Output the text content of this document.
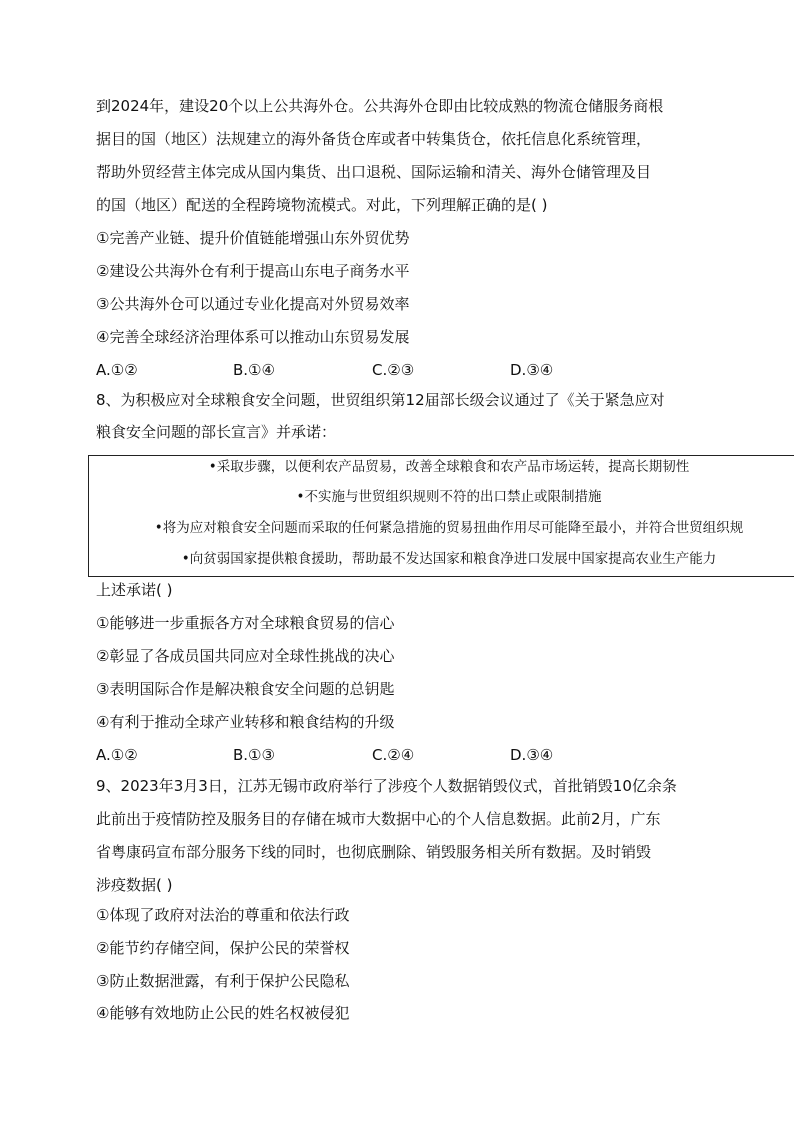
到2024年，建设20个以上公共海外仓。公共海外仓即由比较成熟的物流仓储服务商根
据目的国（地区）法规建立的海外备货仓库或者中转集货仓，依托信息化系统管理，
帮助外贸经营主体完成从国内集货、出口退税、国际运输和清关、海外仓储管理及目
的国（地区）配送的全程跨境物流模式。对此，下列理解正确的是( )
①完善产业链、提升价值链能增强山东外贸优势
②建设公共海外仓有利于提高山东电子商务水平
③公共海外仓可以通过专业化提高对外贸易效率
④完善全球经济治理体系可以推动山东贸易发展
A.①②	B.①④	C.②③	D.③④
8、为积极应对全球粮食安全问题，世贸组织第12届部长级会议通过了《关于紧急应对
粮食安全问题的部长宣言》并承诺：
•采取步骤，以便利农产品贸易，改善全球粮食和农产品市场运转，提高长期韧性
•不实施与世贸组织规则不符的出口禁止或限制措施
•将为应对粮食安全问题而采取的任何紧急措施的贸易扭曲作用尽可能降至最小，并符合世贸组织规
•向贫弱国家提供粮食援助，帮助最不发达国家和粮食净进口发展中国家提高农业生产能力
上述承诺( )
①能够进一步重振各方对全球粮食贸易的信心
②彰显了各成员国共同应对全球性挑战的决心
③表明国际合作是解决粮食安全问题的总钥匙
④有利于推动全球产业转移和粮食结构的升级
A.①②	B.①③	C.②④	D.③④
9、2023年3月3日，江苏无锡市政府举行了涉疫个人数据销毁仪式，首批销毁10亿余条
此前出于疫情防控及服务目的存储在城市大数据中心的个人信息数据。此前2月，广东
省粤康码宣布部分服务下线的同时，也彻底删除、销毁服务相关所有数据。及时销毁
涉疫数据( )
①体现了政府对法治的尊重和依法行政
②能节约存储空间，保护公民的荣誉权
③防止数据泄露，有利于保护公民隐私
④能够有效地防止公民的姓名权被侵犯
